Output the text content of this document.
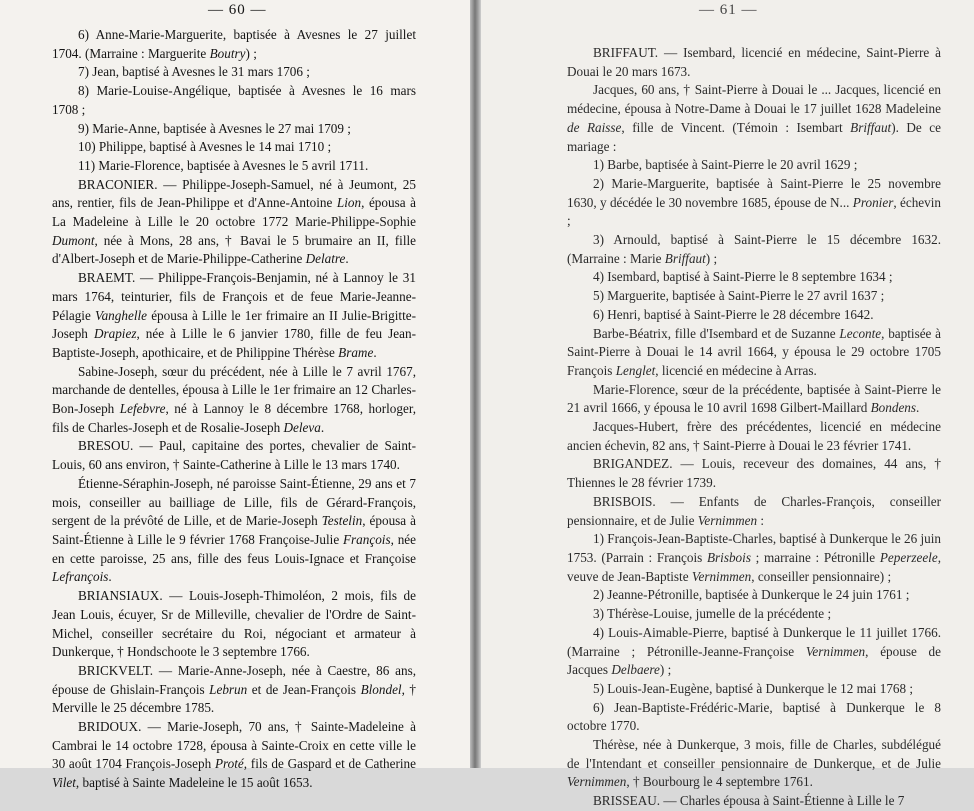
— 60 —

6) Anne-Marie-Marguerite, baptisée à Avesnes le 27 juillet 1704. (Marraine : Marguerite Boutry) ;

7) Jean, baptisé à Avesnes le 31 mars 1706 ;

8) Marie-Louise-Angélique, baptisée à Avesnes le 16 mars 1708 ;

9) Marie-Anne, baptisée à Avesnes le 27 mai 1709 ;

10) Philippe, baptisé à Avesnes le 14 mai 1710 ;

11) Marie-Florence, baptisée à Avesnes le 5 avril 1711.

BRACONIER. — Philippe-Joseph-Samuel, né à Jeumont, 25 ans, rentier, fils de Jean-Philippe et d'Anne-Antoine Lion, épousa à La Madeleine à Lille le 20 octobre 1772 Marie-Philippe-Sophie Dumont, née à Mons, 28 ans, † Bavai le 5 brumaire an II, fille d'Albert-Joseph et de Marie-Philippe-Catherine Delatre.

BRAEMT. — Philippe-François-Benjamin, né à Lannoy le 31 mars 1764, teinturier, fils de François et de feue Marie-Jeanne-Pélagie Vanghelle épousa à Lille le 1er frimaire an II Julie-Brigitte-Joseph Drapiez, née à Lille le 6 janvier 1780, fille de feu Jean-Baptiste-Joseph, apothicaire, et de Philippine Thérèse Brame.

Sabine-Joseph, sœur du précédent, née à Lille le 7 avril 1767, marchande de dentelles, épousa à Lille le 1er frimaire an 12 Charles-Bon-Joseph Lefebvre, né à Lannoy le 8 décembre 1768, horloger, fils de Charles-Joseph et de Rosalie-Joseph Deleva.

BRESOU. — Paul, capitaine des portes, chevalier de Saint-Louis, 60 ans environ, † Sainte-Catherine à Lille le 13 mars 1740.

Étienne-Séraphin-Joseph, né paroisse Saint-Étienne, 29 ans et 7 mois, conseiller au bailliage de Lille, fils de Gérard-François, sergent de la prévôté de Lille, et de Marie-Joseph Testelin, épousa à Saint-Étienne à Lille le 9 février 1768 Françoise-Julie François, née en cette paroisse, 25 ans, fille des feus Louis-Ignace et Françoise Lefrançois.

BRIANSIAUX. — Louis-Joseph-Thimoléon, 2 mois, fils de Jean Louis, écuyer, Sr de Milleville, chevalier de l'Ordre de Saint-Michel, conseiller secrétaire du Roi, négociant et armateur à Dunkerque, † Hondschoote le 3 septembre 1766.

BRICKVELT. — Marie-Anne-Joseph, née à Caestre, 86 ans, épouse de Ghislain-François Lebrun et de Jean-François Blondel, † Merville le 25 décembre 1785.

BRIDOUX. — Marie-Joseph, 70 ans, † Sainte-Madeleine à Cambrai le 14 octobre 1728, épousa à Sainte-Croix en cette ville le 30 août 1704 François-Joseph Proté, fils de Gaspard et de Catherine Vilet, baptisé à Sainte Madeleine le 15 août 1653.

— 61 —

BRIFFAUT. — Isembard, licencié en médecine, Saint-Pierre à Douai le 20 mars 1673.

Jacques, 60 ans, † Saint-Pierre à Douai le ... Jacques, licencié en médecine, épousa à Notre-Dame à Douai le 17 juillet 1628 Madeleine de Raisse, fille de Vincent. (Témoin : Isembart Briffaut). De ce mariage :

1) Barbe, baptisée à Saint-Pierre le 20 avril 1629 ;

2) Marie-Marguerite, baptisée à Saint-Pierre le 25 novembre 1630, y décédée le 30 novembre 1685, épouse de N... Pronier, échevin ;

3) Arnould, baptisé à Saint-Pierre le 15 décembre 1632. (Marraine : Marie Briffaut) ;

4) Isembard, baptisé à Saint-Pierre le 8 septembre 1634 ;

5) Marguerite, baptisée à Saint-Pierre le 27 avril 1637 ;

6) Henri, baptisé à Saint-Pierre le 28 décembre 1642.

Barbe-Béatrix, fille d'Isembard et de Suzanne Leconte, baptisée à Saint-Pierre à Douai le 14 avril 1664, y épousa le 29 octobre 1705 François Lenglet, licencié en médecine à Arras.

Marie-Florence, sœur de la précédente, baptisée à Saint-Pierre le 21 avril 1666, y épousa le 10 avril 1698 Gilbert-Maillard Bondens.

Jacques-Hubert, frère des précédentes, licencié en médecine ancien échevin, 82 ans, † Saint-Pierre à Douai le 23 février 1741.

BRIGANDEZ. — Louis, receveur des domaines, 44 ans, † Thiennes le 28 février 1739.

BRISBOIS. — Enfants de Charles-François, conseiller pensionnaire, et de Julie Vernimmen :

1) François-Jean-Baptiste-Charles, baptisé à Dunkerque le 26 juin 1753. (Parrain : François Brisbois ; marraine : Pétronille Peperzeele, veuve de Jean-Baptiste Vernimmen, conseiller pensionnaire) ;

2) Jeanne-Pétronille, baptisée à Dunkerque le 24 juin 1761 ;

3) Thérèse-Louise, jumelle de la précédente ;

4) Louis-Aimable-Pierre, baptisé à Dunkerque le 11 juillet 1766. (Marraine ; Pétronille-Jeanne-Françoise Vernimmen, épouse de Jacques Delbaere) ;

5) Louis-Jean-Eugène, baptisé à Dunkerque le 12 mai 1768 ;

6) Jean-Baptiste-Frédéric-Marie, baptisé à Dunkerque le 8 octobre 1770.

Thérèse, née à Dunkerque, 3 mois, fille de Charles, subdélégué de l'Intendant et conseiller pensionnaire de Dunkerque, et de Julie Vernimmen, † Bourbourg le 4 septembre 1761.

BRISSEAU. — Charles épousa à Saint-Étienne à Lille le 7
